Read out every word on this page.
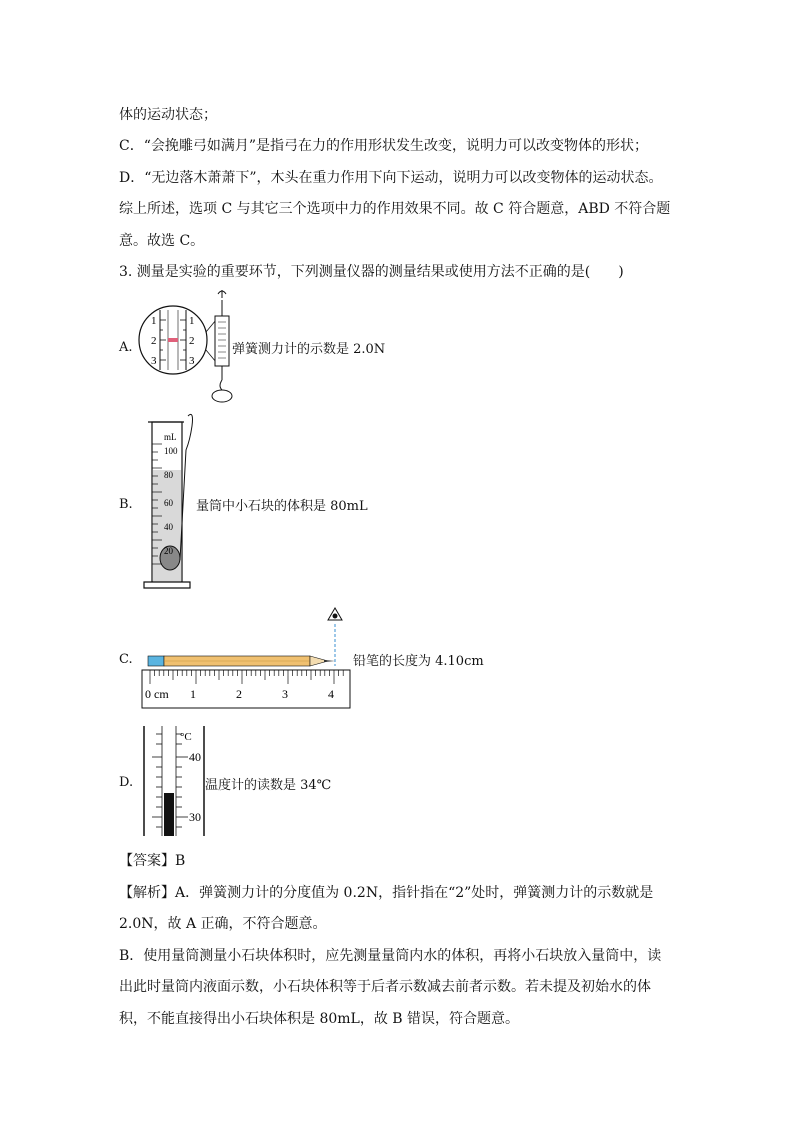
体的运动状态；
C．“会挽雕弓如满月”是指弓在力的作用形状发生改变，说明力可以改变物体的形状；
D．“无边落木萧萧下”，木头在重力作用下向下运动，说明力可以改变物体的运动状态。
综上所述，选项 C 与其它三个选项中力的作用效果不同。故 C 符合题意，ABD 不符合题
意。故选 C。
3. 测量是实验的重要环节，下列测量仪器的测量结果或使用方法不正确的是(　　)
A.
1
2
3
1
2
3
弹簧测力计的示数是 2.0N
B.
mL
100
80
60
40
20
量筒中小石块的体积是 80mL
C.
0 cm 1	2	3	4
铅笔的长度为 4.10cm
D.
°C
40
30
温度计的读数是 34℃
【答案】B
【解析】A．弹簧测力计的分度值为 0.2N，指针指在“2”处时，弹簧测力计的示数就是
2.0N，故 A 正确，不符合题意。
B．使用量筒测量小石块体积时，应先测量量筒内水的体积，再将小石块放入量筒中，读
出此时量筒内液面示数，小石块体积等于后者示数减去前者示数。若未提及初始水的体
积，不能直接得出小石块体积是 80mL，故 B 错误，符合题意。
